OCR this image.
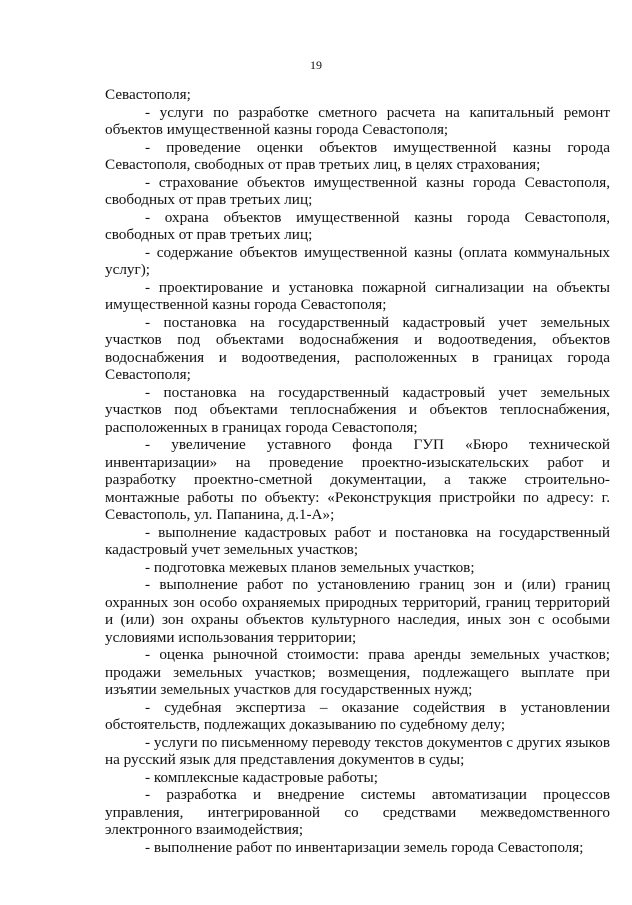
19

Севастополя;

- услуги по разработке сметного расчета на капитальный ремонт объектов имущественной казны города Севастополя;

- проведение оценки объектов имущественной казны города Севастополя, свободных от прав третьих лиц, в целях страхования;

- страхование объектов имущественной казны города Севастополя, свободных от прав третьих лиц;

- охрана объектов имущественной казны города Севастополя, свободных от прав третьих лиц;

- содержание объектов имущественной казны (оплата коммунальных услуг);

- проектирование и установка пожарной сигнализации на объекты имущественной казны города Севастополя;

- постановка на государственный кадастровый учет земельных участков под объектами водоснабжения и водоотведения, объектов водоснабжения и водоотведения, расположенных в границах города Севастополя;

- постановка на государственный кадастровый учет земельных участков под объектами теплоснабжения и объектов теплоснабжения, расположенных в границах города Севастополя;

- увеличение уставного фонда ГУП «Бюро технической инвентаризации» на проведение проектно-изыскательских работ и разработку проектно-сметной документации, а также строительно-монтажные работы по объекту: «Реконструкция пристройки по адресу: г. Севастополь, ул. Папанина, д.1-А»;

- выполнение кадастровых работ и постановка на государственный кадастровый учет земельных участков;

- подготовка межевых планов земельных участков;

- выполнение работ по установлению границ зон и (или) границ охранных зон особо охраняемых природных территорий, границ территорий и (или) зон охраны объектов культурного наследия, иных зон с особыми условиями использования территории;

- оценка рыночной стоимости: права аренды земельных участков; продажи земельных участков; возмещения, подлежащего выплате при изъятии земельных участков для государственных нужд;

- судебная экспертиза – оказание содействия в установлении обстоятельств, подлежащих доказыванию по судебному делу;

- услуги по письменному переводу текстов документов с других языков на русский язык для представления документов в суды;

- комплексные кадастровые работы;

- разработка и внедрение системы автоматизации процессов управления, интегрированной со средствами межведомственного электронного взаимодействия;

- выполнение работ по инвентаризации земель города Севастополя;
